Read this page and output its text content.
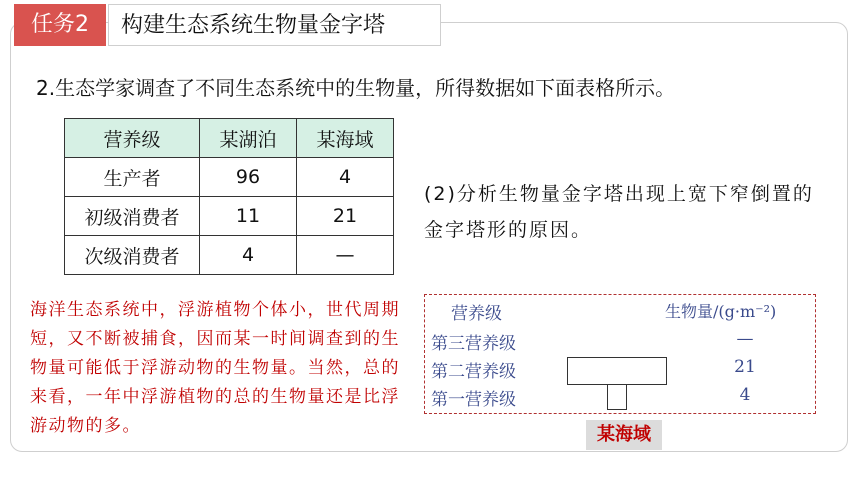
任务2	构建生态系统生物量金字塔
2.生态学家调查了不同生态系统中的生物量，所得数据如下面表格所示。
营养级	某湖泊	某海域
生产者	96	4
初级消费者	11	21
次级消费者	4	—
(2)分析生物量金字塔出现上宽下窄倒置的金字塔形的原因。
海洋生态系统中，浮游植物个体小，世代周期短，又不断被捕食，因而某一时间调查到的生物量可能低于浮游动物的生物量。当然，总的来看，一年中浮游植物的总的生物量还是比浮游动物的多。
营养级	生物量/(g·m⁻²)
第三营养级	—
第二营养级	21
第一营养级	4
某海域
